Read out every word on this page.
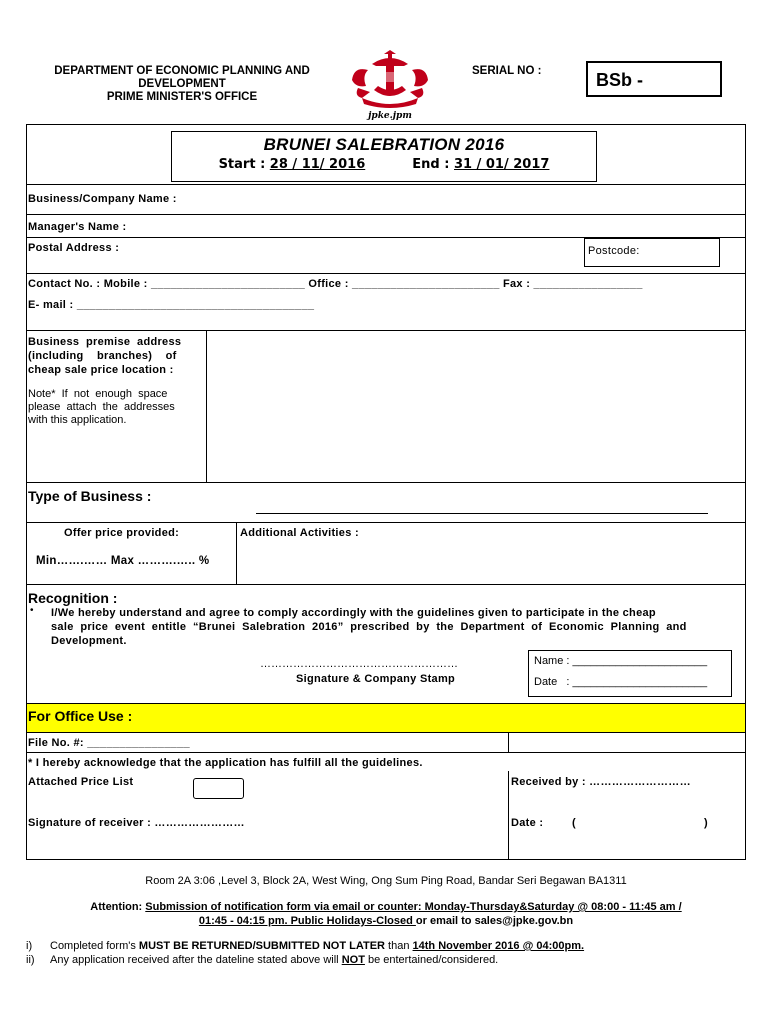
DEPARTMENT OF ECONOMIC PLANNING AND
DEVELOPMENT
PRIME MINISTER'S OFFICE
jpke.jpm
SERIAL NO :	BSb -
BRUNEI SALEBRATION 2016
Start : 28 / 11/ 2016	End : 31 / 01/ 2017
Business/Company Name :
Manager's Name :
Postal Address :	Postcode:
Contact No. : Mobile : ________________________ Office : _______________________ Fax : _________________
E- mail : _____________________________________
Business  premise  address
(including    branches)    of
cheap sale price location :
Note*  If  not  enough  space
please  attach  the  addresses
with this application.
Type of Business :
Offer price provided:	Additional Activities :
Min…….…… Max ……….….. %
Recognition :
• I/We hereby understand and agree to comply accordingly with the guidelines given to participate in the cheap
sale  price  event  entitle  “Brunei  Salebration  2016”  prescribed  by  the  Department  of  Economic  Planning  and
Development.
………………………………………………
Signature & Company Stamp
Name : ______________________
Date   : ______________________
For Office Use :
File No. #: ________________
* I hereby acknowledge that the application has fulfill all the guidelines.
Attached Price List	Received by : ………………………
Signature of receiver : ……………………	Date :	(	)
Room 2A 3:06 ,Level 3, Block 2A, West Wing, Ong Sum Ping Road, Bandar Seri Begawan BA1311
Attention: Submission of notification form via email or counter: Monday-Thursday&Saturday @ 08:00 - 11:45 am /
01:45 - 04:15 pm. Public Holidays-Closed or email to sales@jpke.gov.bn
i) Completed form's MUST BE RETURNED/SUBMITTED NOT LATER than 14th November 2016 @ 04:00pm.
ii) Any application received after the dateline stated above will NOT be entertained/considered.
